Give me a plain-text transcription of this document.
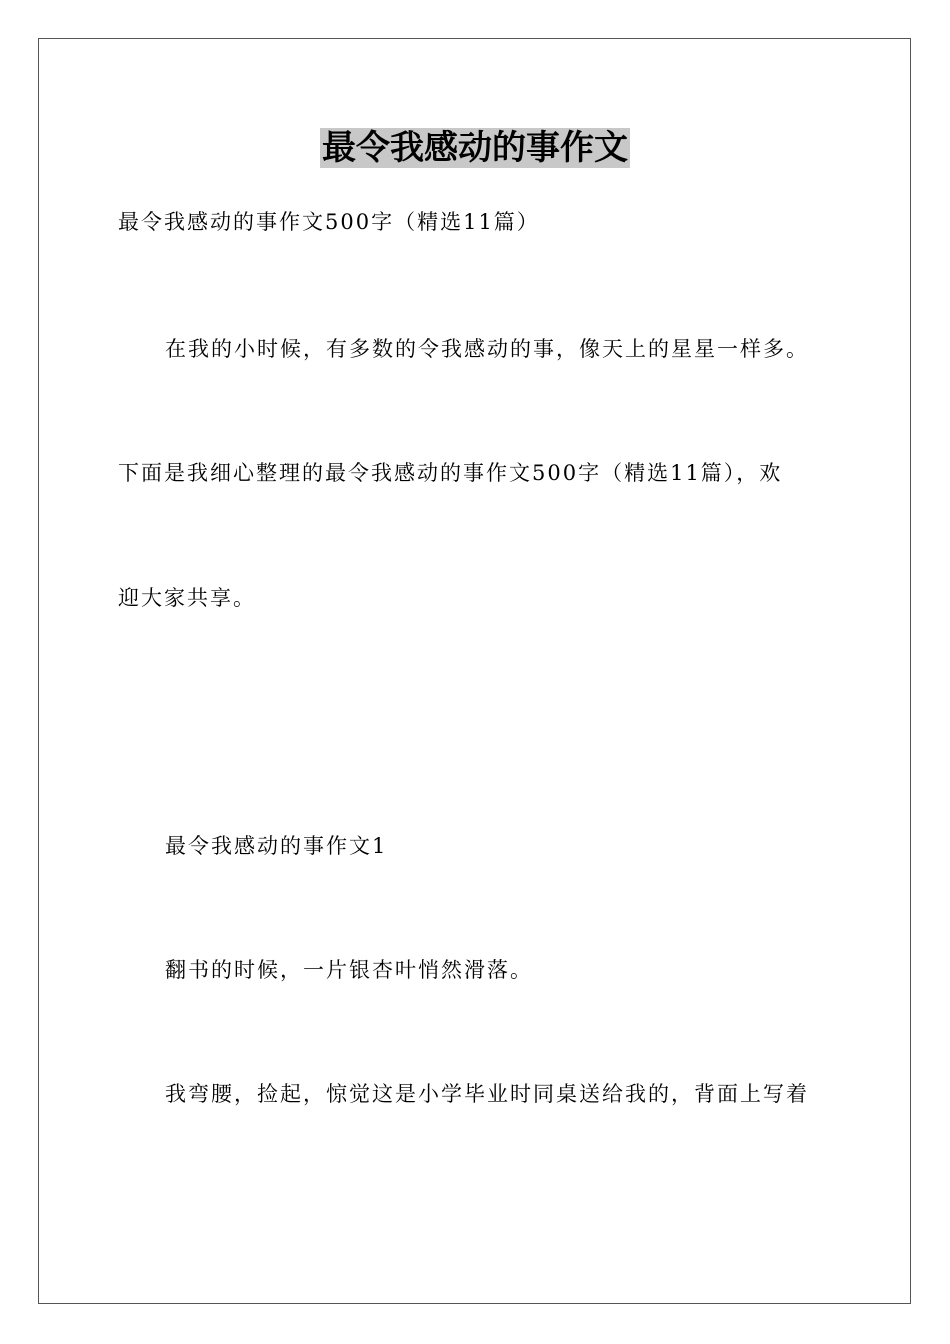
最令我感动的事作文
最令我感动的事作文500字（精选11篇）
在我的小时候，有多数的令我感动的事，像天上的星星一样多。
下面是我细心整理的最令我感动的事作文500字（精选11篇），欢
迎大家共享。
最令我感动的事作文1
翻书的时候，一片银杏叶悄然滑落。
我弯腰，捡起，惊觉这是小学毕业时同桌送给我的，背面上写着
